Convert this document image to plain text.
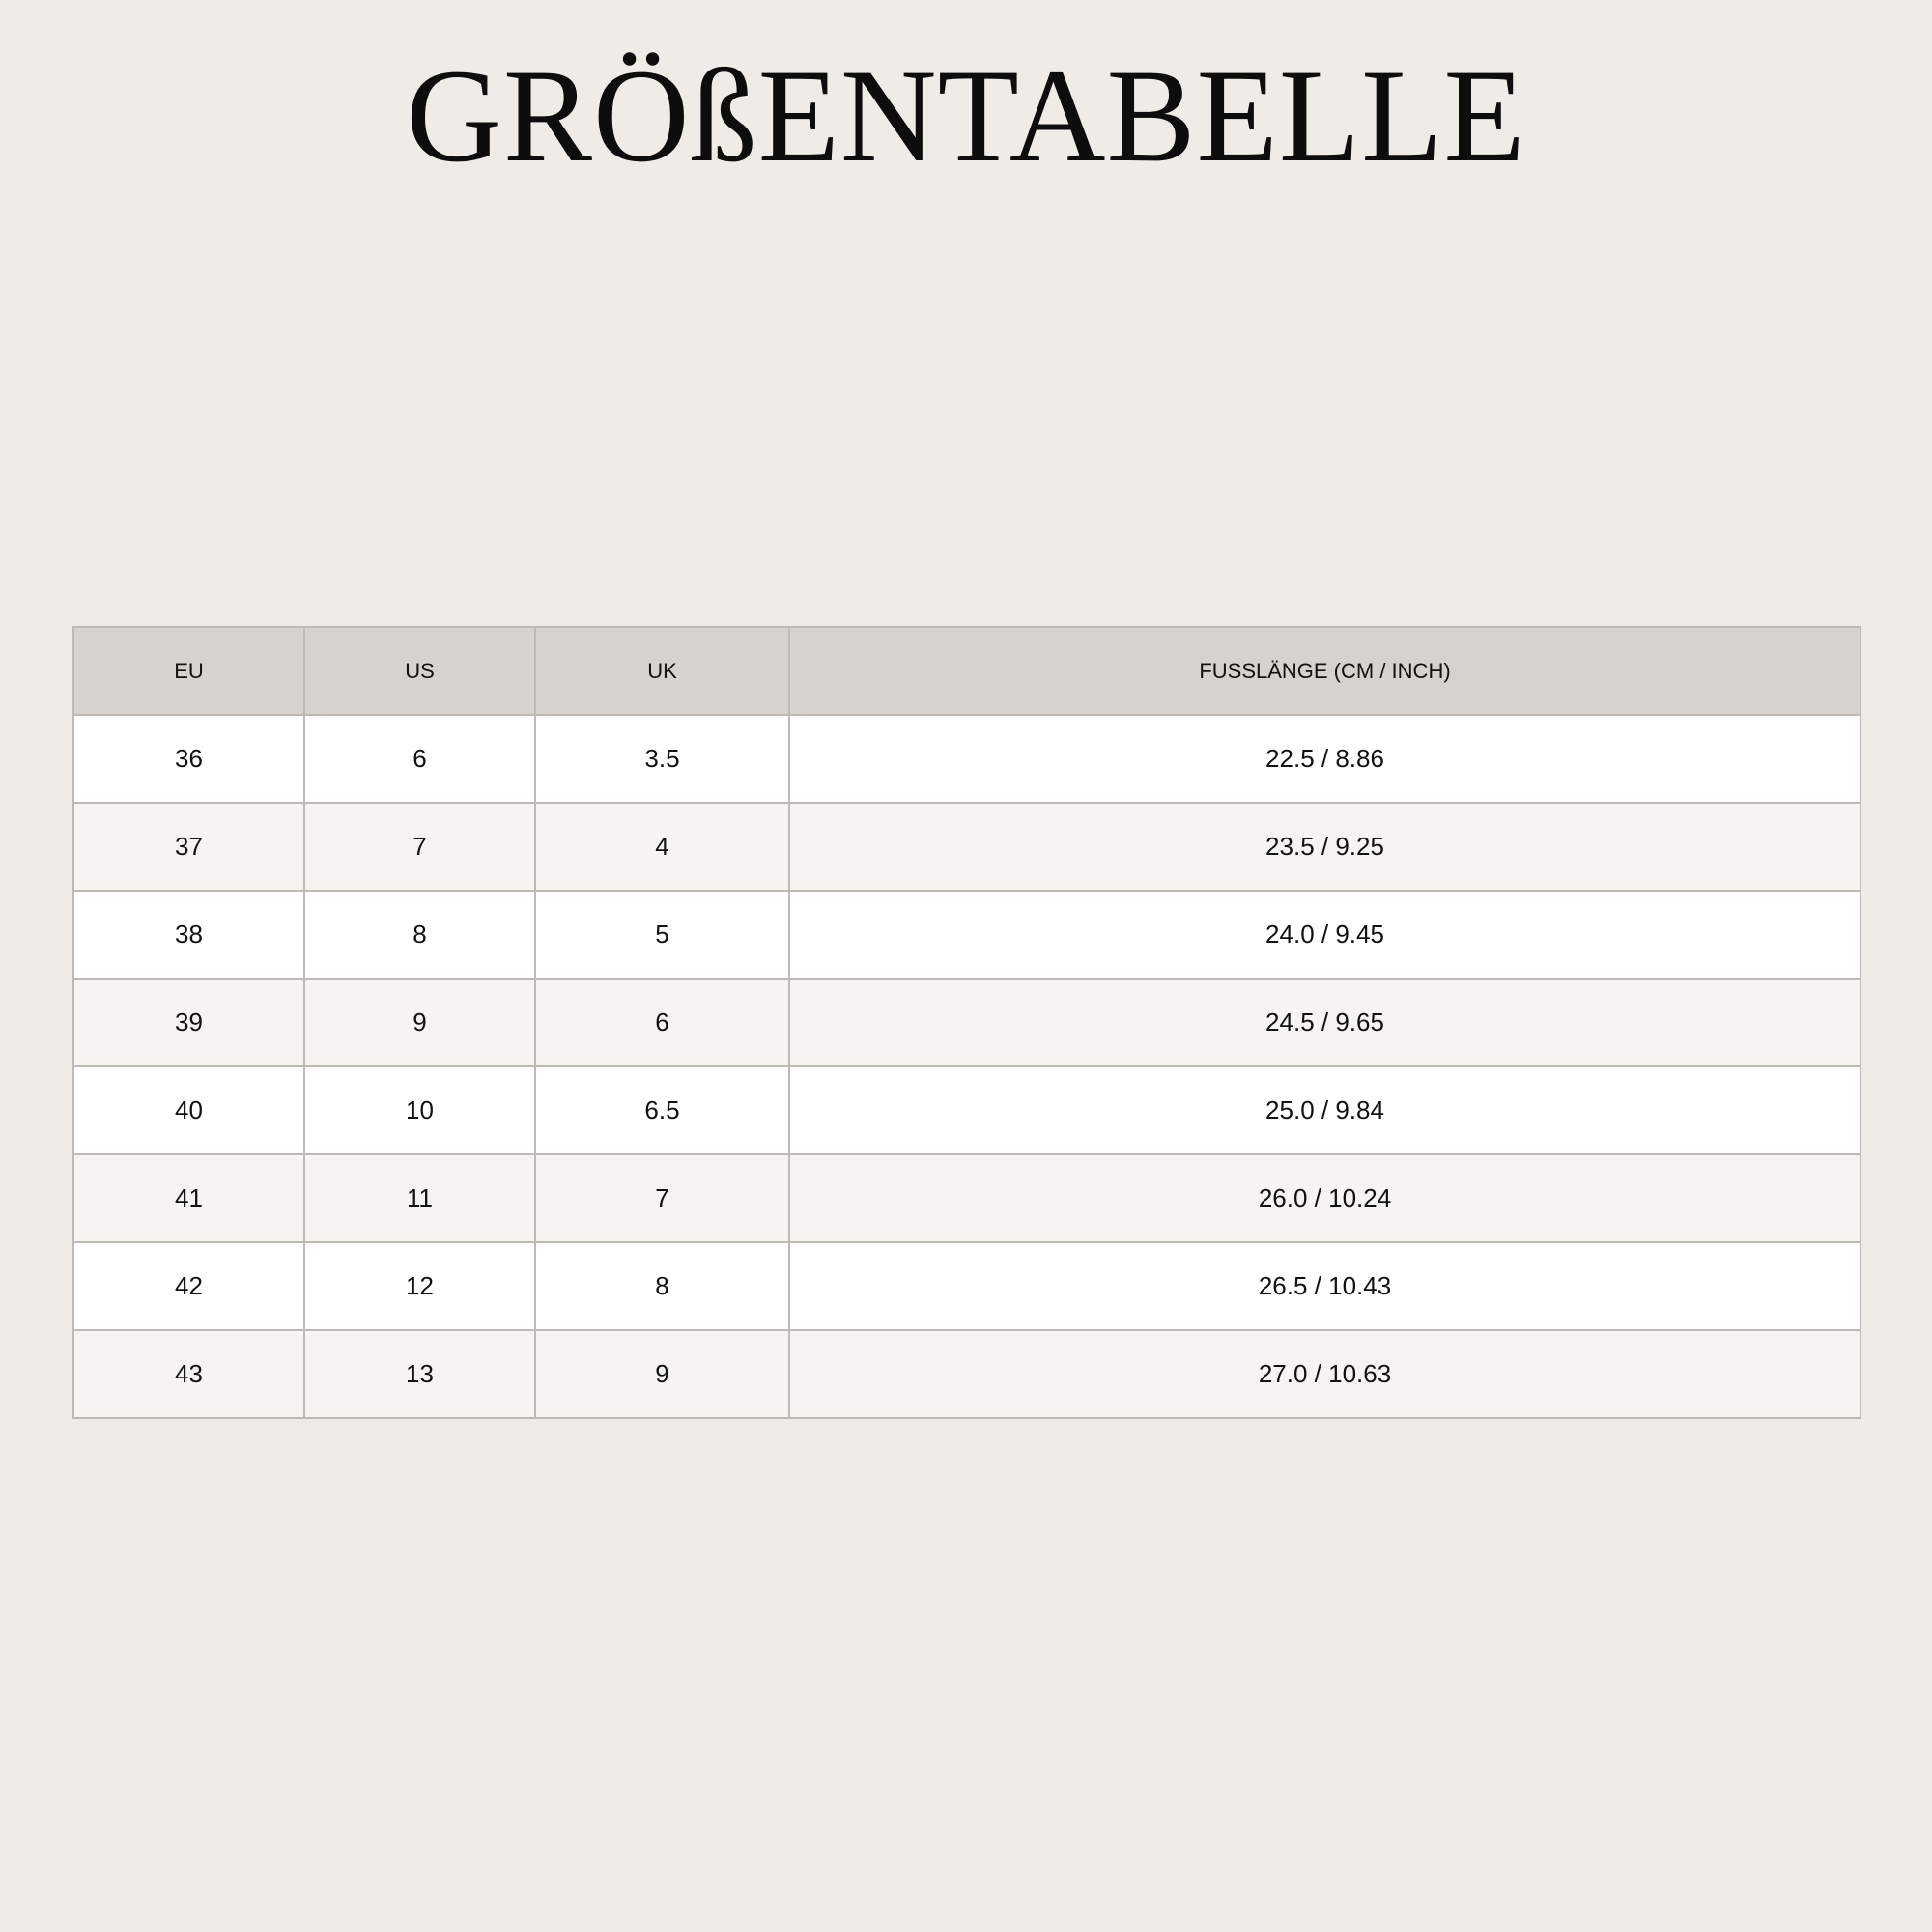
GRÖßENTABELLE
EU	US	UK	FUSSLÄNGE (CM / INCH)
36	6	3.5	22.5 / 8.86
37	7	4	23.5 / 9.25
38	8	5	24.0 / 9.45
39	9	6	24.5 / 9.65
40	10	6.5	25.0 / 9.84
41	11	7	26.0 / 10.24
42	12	8	26.5 / 10.43
43	13	9	27.0 / 10.63
